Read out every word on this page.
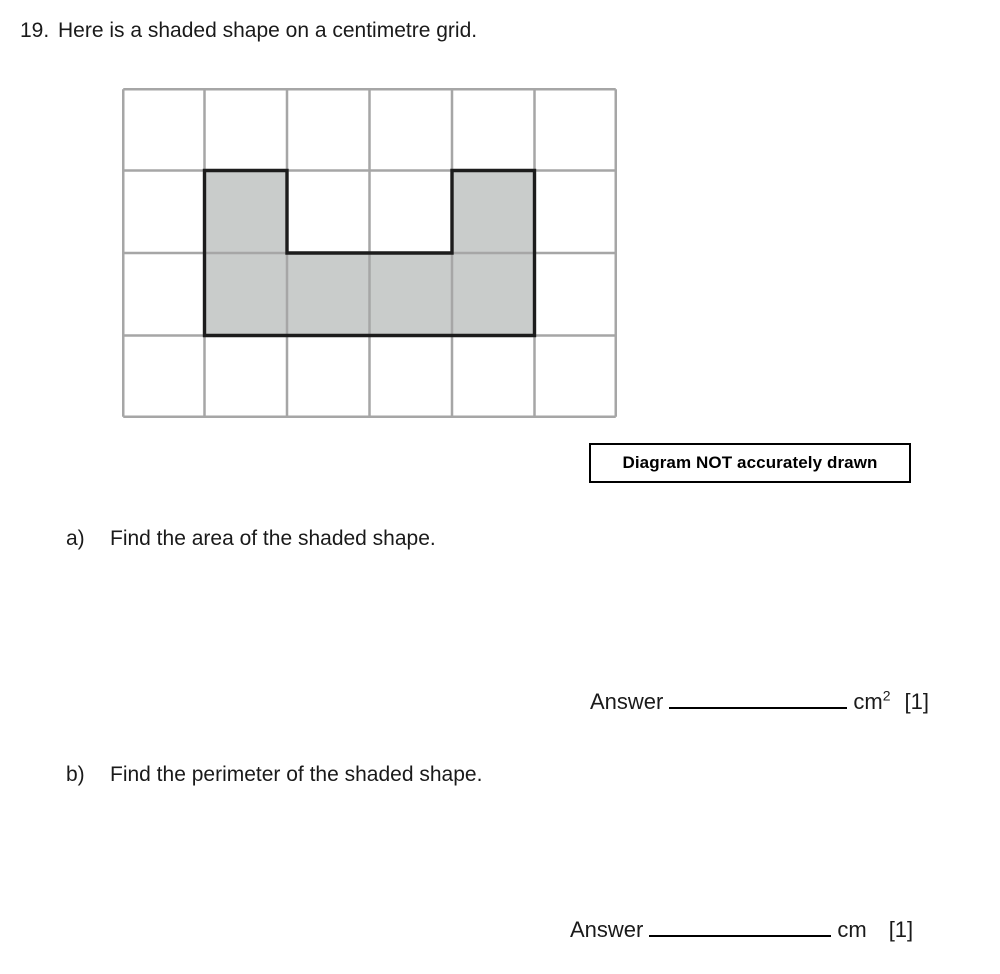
19. Here is a shaded shape on a centimetre grid.
Diagram NOT accurately drawn
a)	Find the area of the shaded shape.
Answer	$cm^2$ [1]
b)	Find the perimeter of the shaded shape.
Answer	cm [1]
